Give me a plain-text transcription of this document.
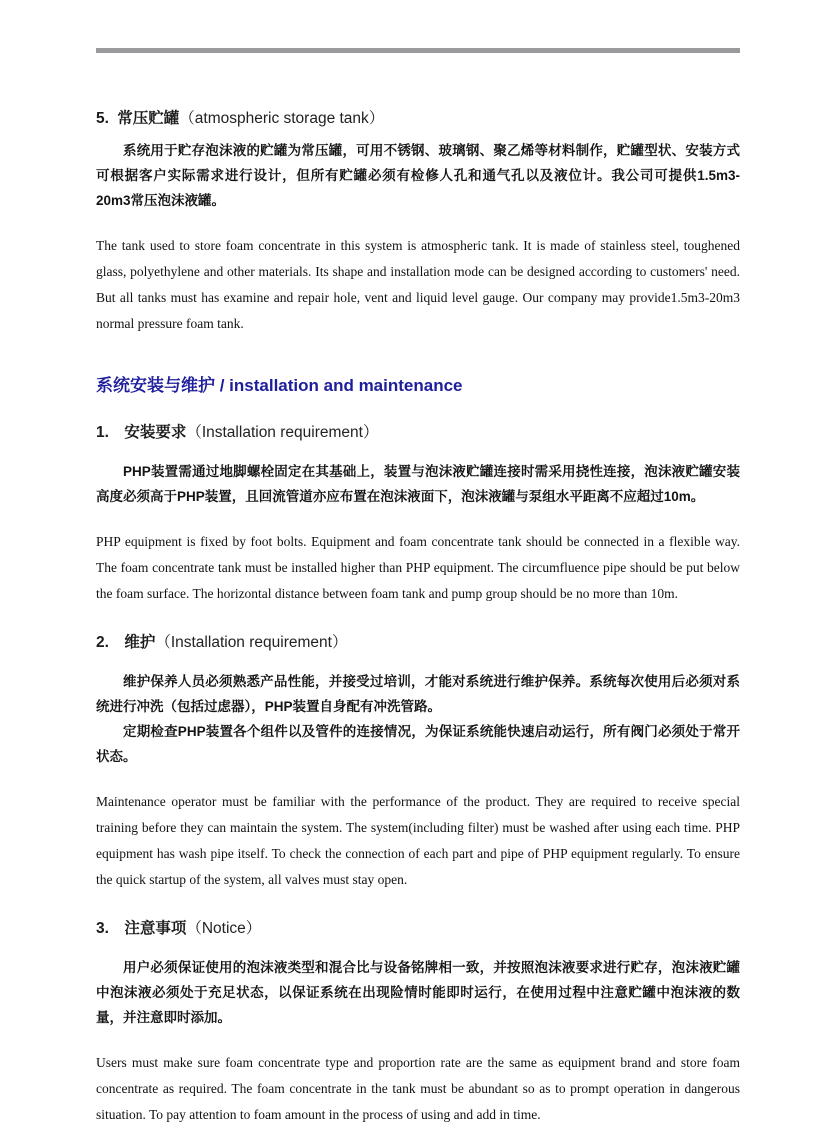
5. 常压贮罐（atmospheric storage tank）

系统用于贮存泡沫液的贮罐为常压罐，可用不锈钢、玻璃钢、聚乙烯等材料制作，贮罐型状、安装方式可根据客户实际需求进行设计，但所有贮罐必须有检修人孔和通气孔以及液位计。我公司可提供1.5m3-20m3常压泡沫液罐。

The tank used to store foam concentrate in this system is atmospheric tank. It is made of stainless steel, toughened glass, polyethylene and other materials. Its shape and installation mode can be designed according to customers' need. But all tanks must has examine and repair hole, vent and liquid level gauge. Our company may provide1.5m3-20m3 normal pressure foam tank.

系统安装与维护 / installation and maintenance
1. 安装要求（Installation requirement）

PHP装置需通过地脚螺栓固定在其基础上，装置与泡沫液贮罐连接时需采用挠性连接，泡沫液贮罐安装高度必须高于PHP装置，且回流管道亦应布置在泡沫液面下，泡沫液罐与泵组水平距离不应超过10m。

PHP equipment is fixed by foot bolts. Equipment and foam concentrate tank should be connected in a flexible way. The foam concentrate tank must be installed higher than PHP equipment. The circumfluence pipe should be put below the foam surface. The horizontal distance between foam tank and pump group should be no more than 10m.

2. 维护（Installation requirement）

维护保养人员必须熟悉产品性能，并接受过培训，才能对系统进行维护保养。系统每次使用后必须对系统进行冲洗（包括过虑器），PHP装置自身配有冲洗管路。

定期检查PHP装置各个组件以及管件的连接情况，为保证系统能快速启动运行，所有阀门必须处于常开状态。

Maintenance operator must be familiar with the performance of the product. They are required to receive special training before they can maintain the system. The system(including filter) must be washed after using each time. PHP equipment has wash pipe itself. To check the connection of each part and pipe of PHP equipment regularly. To ensure the quick startup of the system, all valves must stay open.

3. 注意事项（Notice）

用户必须保证使用的泡沫液类型和混合比与设备铭牌相一致，并按照泡沫液要求进行贮存，泡沫液贮罐中泡沫液必须处于充足状态，以保证系统在出现险情时能即时运行，在使用过程中注意贮罐中泡沫液的数量，并注意即时添加。

Users must make sure foam concentrate type and proportion rate are the same as equipment brand and store foam concentrate as required. The foam concentrate in the tank must be abundant so as to prompt operation in dangerous situation. To pay attention to foam amount in the process of using and add in time.
